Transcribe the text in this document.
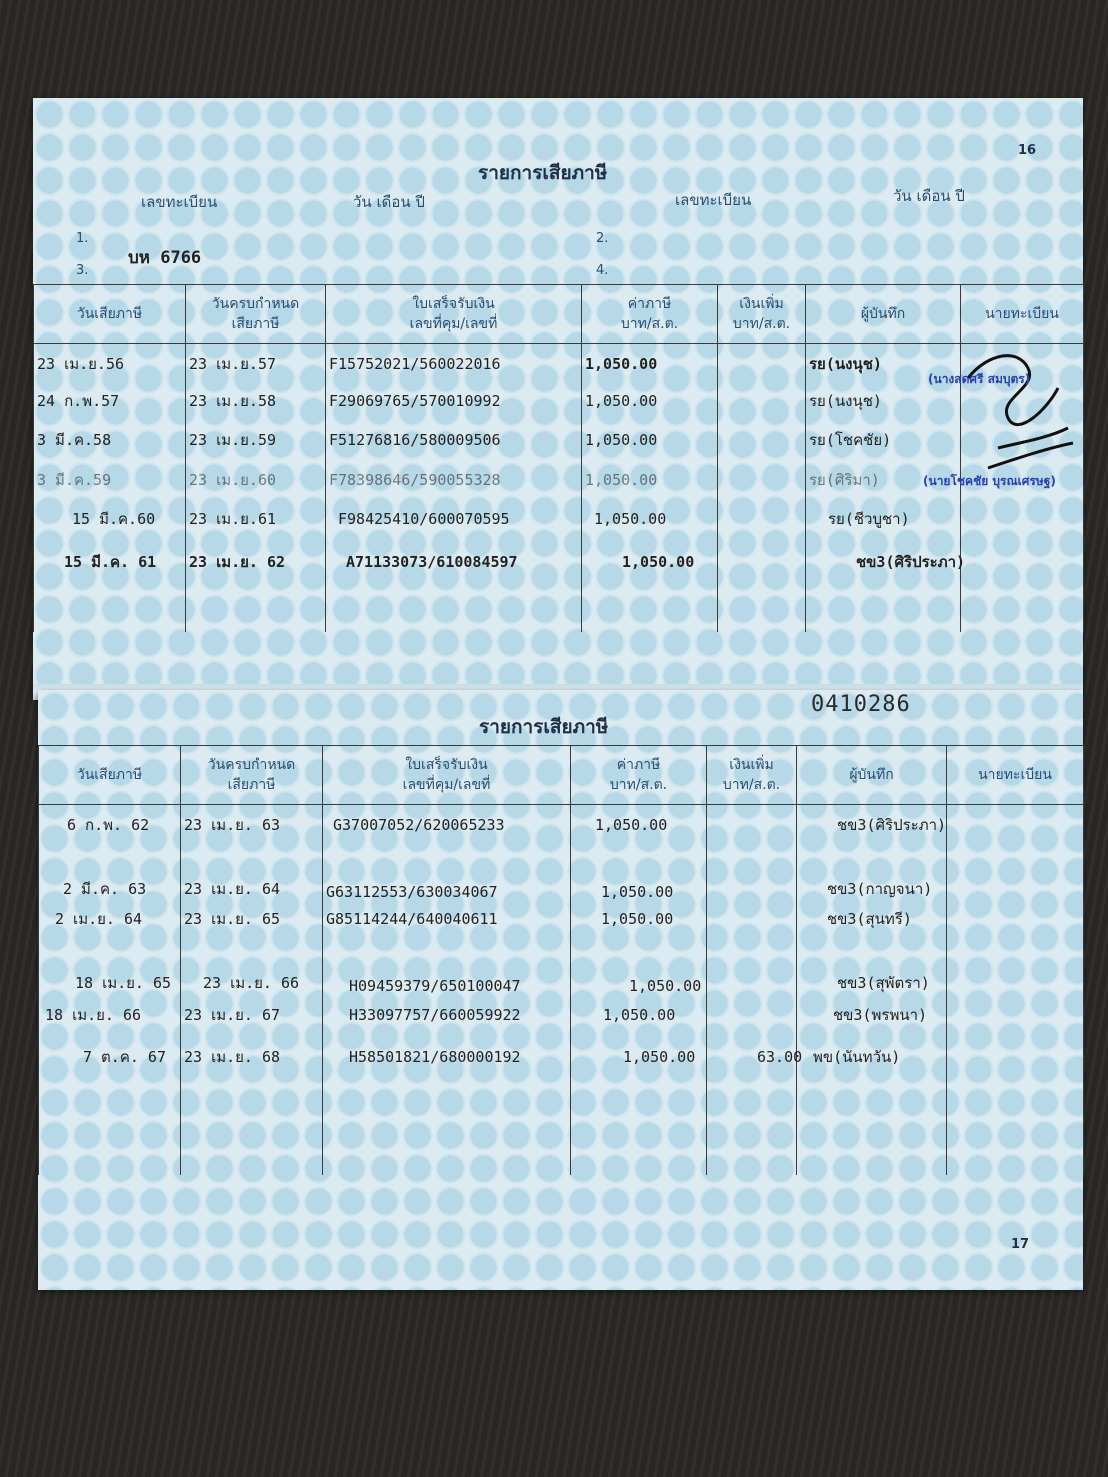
รายการเสียภาษี
16
เลขทะเบียน	วัน เดือน ปี	เลขทะเบียน	วัน เดือน ปี
1.	2.
3.	4.
บห 6766
วันเสียภาษี	วันครบกำหนด
เสียภาษี	ใบเสร็จรับเงิน
เลขที่คุม/เลขที่	ค่าภาษี
บาท/ส.ต.	เงินเพิ่ม
บาท/ส.ต.	ผู้บันทึก	นายทะเบียน
23 เม.ย.56	23 เม.ย.57	F15752021/560022016	1,050.00		รย(นงนุช)	
24 ก.พ.57	23 เม.ย.58	F29069765/570010992	1,050.00		รย(นงนุช)	
3 มี.ค.58	23 เม.ย.59	F51276816/580009506	1,050.00		รย(โชคชัย)	
3 มี.ค.59	23 เม.ย.60	F78398646/590055328	1,050.00		รย(ศิริมา)	
15 มี.ค.60	23 เม.ย.61	F98425410/600070595	1,050.00		รย(ชีวบูชา)	
15 มี.ค. 61	23 เม.ย. 62	A71133073/610084597	1,050.00		ชข3(ศิริประภา)	

(นางสดศรี สมบุตร)
(นายโชคชัย บุรณเศรษฐ)
0410286
รายการเสียภาษี
17
วันเสียภาษี	วันครบกำหนด
เสียภาษี	ใบเสร็จรับเงิน
เลขที่คุม/เลขที่	ค่าภาษี
บาท/ส.ต.	เงินเพิ่ม
บาท/ส.ต.	ผู้บันทึก	นายทะเบียน
6 ก.พ. 62	23 เม.ย. 63	G37007052/620065233	1,050.00		ชข3(ศิริประภา)	
2 มี.ค. 63	23 เม.ย. 64	G63112553/630034067	1,050.00		ชข3(กาญจนา)	
2 เม.ย. 64	23 เม.ย. 65	G85114244/640040611	1,050.00		ชข3(สุนทรี)	
18 เม.ย. 65	23 เม.ย. 66	H09459379/650100047	1,050.00		ชข3(สุพัตรา)	
18 เม.ย. 66	23 เม.ย. 67	H33097757/660059922	1,050.00		ชข3(พรพนา)	
7 ต.ค. 67	23 เม.ย. 68	H58501821/680000192	1,050.00	63.00	พข(นันทวัน)	
